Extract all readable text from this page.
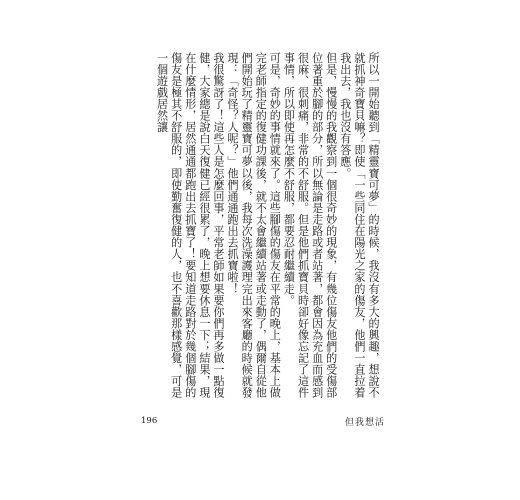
所以一開始聽到「精靈寶可夢」的時候，我沒有多大的興趣，想說不就抓神奇寶貝嘛？即使「一些同住在陽光之家的傷友，他們一直拉着我出去，我也沒有答應。

但是，慢慢的我觀察到一個很奇妙的現象，有幾位傷友他們的受傷部位著重於腳的部分，所以無論是走路或者站著，都會因為充血而感到很麻、很刺痛，非常的不舒服。但是他們抓寶貝時卻好像忘記了這件事情，所以即使再怎麼不舒服，都要忍耐繼續走。

可是，奇妙的事情就來了。這些腳傷的傷友在平常的晚上，基本上做完老師指定的復健功課後，就不太會繼續站著或走動了，偶爾自從他們開始玩了精靈寶可夢以後，我每次洗澡護理完出來客廳的時候就發現：「奇怪？人呢？」他們通通跑出去抓寶啦！

我很驚訝了！這些人是怎麼回事，平常老師如果要你們再多做一點復健，大家總是說白天復健已經很累了，晚上想要休息一下；結果，現在什麼情形，居然通通都跑出去抓寶了！要知道走路對於幾個腳傷的傷友是極其不舒服的，即使勤奮復健的人，也不喜歡那樣感覺，可是一個遊戲居然讓

196	但我想活
